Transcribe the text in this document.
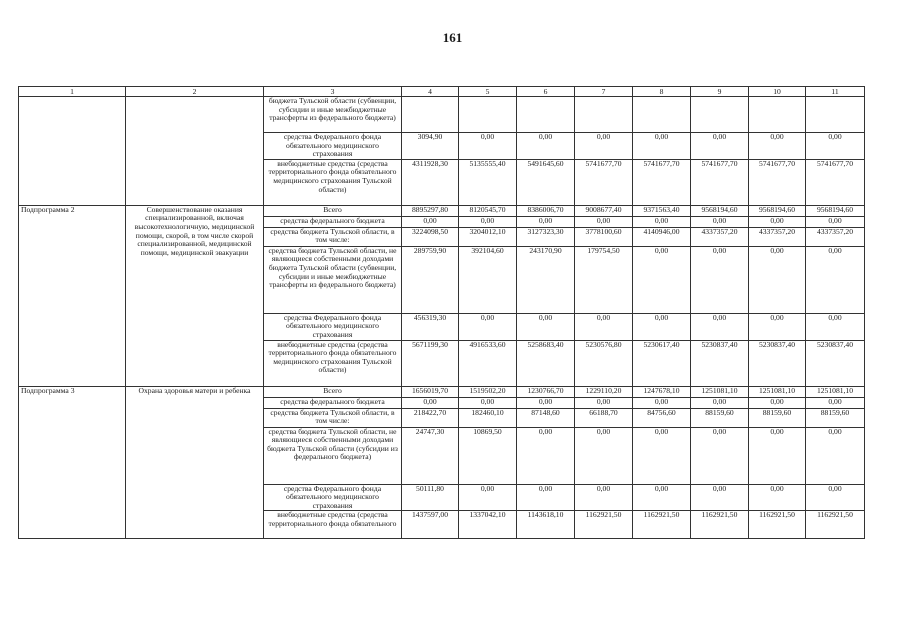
161
1	2	3	4	5	6	7	8	9	10	11
		бюджета Тульской области (субвенции, субсидии и иные межбюджетные трансферты из федерального бюджета)								
		средства Федерального фонда обязательного медицинского страхования	3094,90	0,00	0,00	0,00	0,00	0,00	0,00	0,00
		внебюджетные средства (средства территориального фонда обязательного медицинского страхования Тульской области)	4311928,30	5135555,40	5491645,60	5741677,70	5741677,70	5741677,70	5741677,70	5741677,70
Подпрограмма 2	Совершенствование оказания специализированной, включая высокотехнологичную, медицинской помощи, скорой, в том числе скорой специализированной, медицинской помощи, медицинской эвакуации	Всего	8895297,80	8120545,70	8386006,70	9008677,40	9371563,40	9568194,60	9568194,60	9568194,60
		средства федерального бюджета	0,00	0,00	0,00	0,00	0,00	0,00	0,00	0,00
		средства бюджета Тульской области, в том числе:	3224098,50	3204012,10	3127323,30	3778100,60	4140946,00	4337357,20	4337357,20	4337357,20
		средства бюджета Тульской области, не являющиеся собственными доходами бюджета Тульской области (субвенции, субсидии и иные межбюджетные трансферты из федерального бюджета)	289759,90	392104,60	243170,90	179754,50	0,00	0,00	0,00	0,00
		средства Федерального фонда обязательного медицинского страхования	456319,30	0,00	0,00	0,00	0,00	0,00	0,00	0,00
		внебюджетные средства (средства территориального фонда обязательного медицинского страхования Тульской области)	5671199,30	4916533,60	5258683,40	5230576,80	5230617,40	5230837,40	5230837,40	5230837,40
Подпрограмма 3	Охрана здоровья матери и ребенка	Всего	1656019,70	1519502,20	1230766,70	1229110,20	1247678,10	1251081,10	1251081,10	1251081,10
		средства федерального бюджета	0,00	0,00	0,00	0,00	0,00	0,00	0,00	0,00
		средства бюджета Тульской области, в том числе:	218422,70	182460,10	87148,60	66188,70	84756,60	88159,60	88159,60	88159,60
		средства бюджета Тульской области, не являющиеся собственными доходами бюджета Тульской области (субсидии из федерального бюджета)	24747,30	10869,50	0,00	0,00	0,00	0,00	0,00	0,00
		средства Федерального фонда обязательного медицинского страхования	50111,80	0,00	0,00	0,00	0,00	0,00	0,00	0,00
		внебюджетные средства (средства территориального фонда обязательного	1437597,00	1337042,10	1143618,10	1162921,50	1162921,50	1162921,50	1162921,50	1162921,50
